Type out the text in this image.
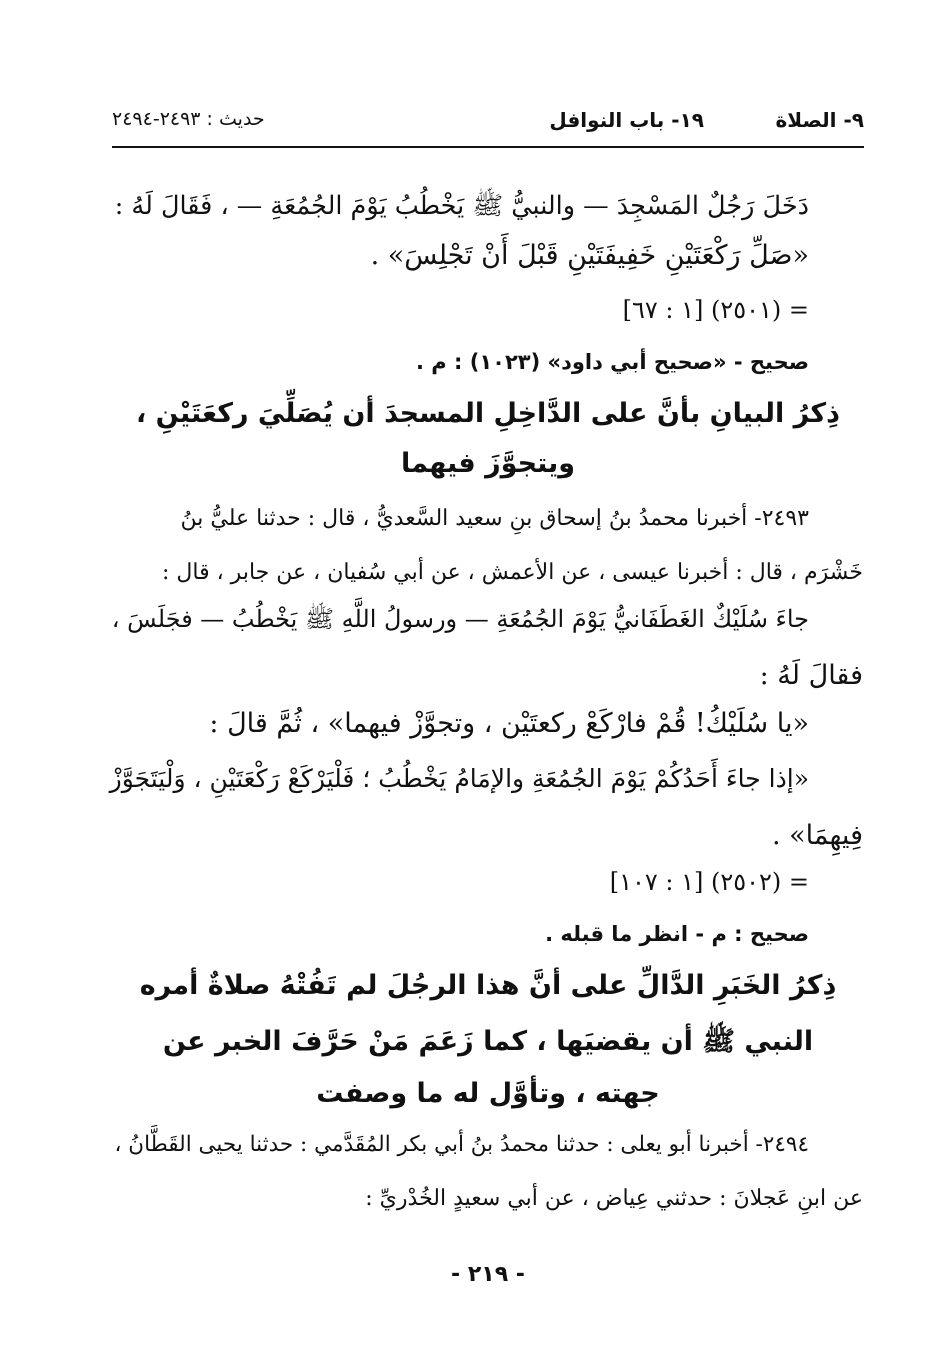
٩- الصلاة
١٩- باب النوافل
حديث : ٢٤٩٣-٢٤٩٤
دَخَلَ رَجُلٌ المَسْجِدَ — والنبيُّ ﷺ يَخْطُبُ يَوْمَ الجُمُعَةِ — ، فَقَالَ لَهُ :
«صَلِّ رَكْعَتَيْنِ خَفِيفَتَيْنِ قَبْلَ أَنْ تَجْلِسَ» .
= (٢٥٠١) [١ : ٦٧]
صحيح - «صحيح أبي داود» (١٠٢٣) : م .
ذِكرُ البيانِ بأنَّ على الدَّاخِلِ المسجدَ أن يُصَلِّيَ ركعَتَيْنِ ،
ويتجوَّزَ فيهما
٢٤٩٣- أخبرنا محمدُ بنُ إسحاق بنِ سعيد السَّعديُّ ، قال : حدثنا عليُّ بنُ
خَشْرَم ، قال : أخبرنا عيسى ، عن الأعمش ، عن أبي سُفيان ، عن جابر ، قال :
جاءَ سُلَيْكٌ الغَطَفَانيُّ يَوْمَ الجُمُعَةِ — ورسولُ اللَّهِ ﷺ يَخْطُبُ — فجَلَسَ ،
فقالَ لَهُ :
«يا سُلَيْكُ! قُمْ فارْكَعْ ركعتَيْن ، وتجوَّزْ فيهما» ، ثُمَّ قالَ :
«إذا جاءَ أَحَدُكُمْ يَوْمَ الجُمُعَةِ والإمَامُ يَخْطُبُ ؛ فَلْيَرْكَعْ رَكْعَتَيْنِ ، وَلْيَتَجَوَّزْ
فِيهِمَا» .
= (٢٥٠٢) [١ : ١٠٧]
صحيح : م - انظر ما قبله .
ذِكرُ الخَبَرِ الدَّالِّ على أنَّ هذا الرجُلَ لم تَفُتْهُ صلاةٌ أمره
النبي ﷺ أن يقضيَها ، كما زَعَمَ مَنْ حَرَّفَ الخبر عن
جهته ، وتأوَّل له ما وصفت
٢٤٩٤- أخبرنا أبو يعلى : حدثنا محمدُ بنُ أبي بكر المُقَدَّمي : حدثنا يحيى القَطَّانُ ،
عن ابنِ عَجلانَ : حدثني عِياض ، عن أبي سعيدٍ الخُدْريِّ :
- ٢١٩ -
